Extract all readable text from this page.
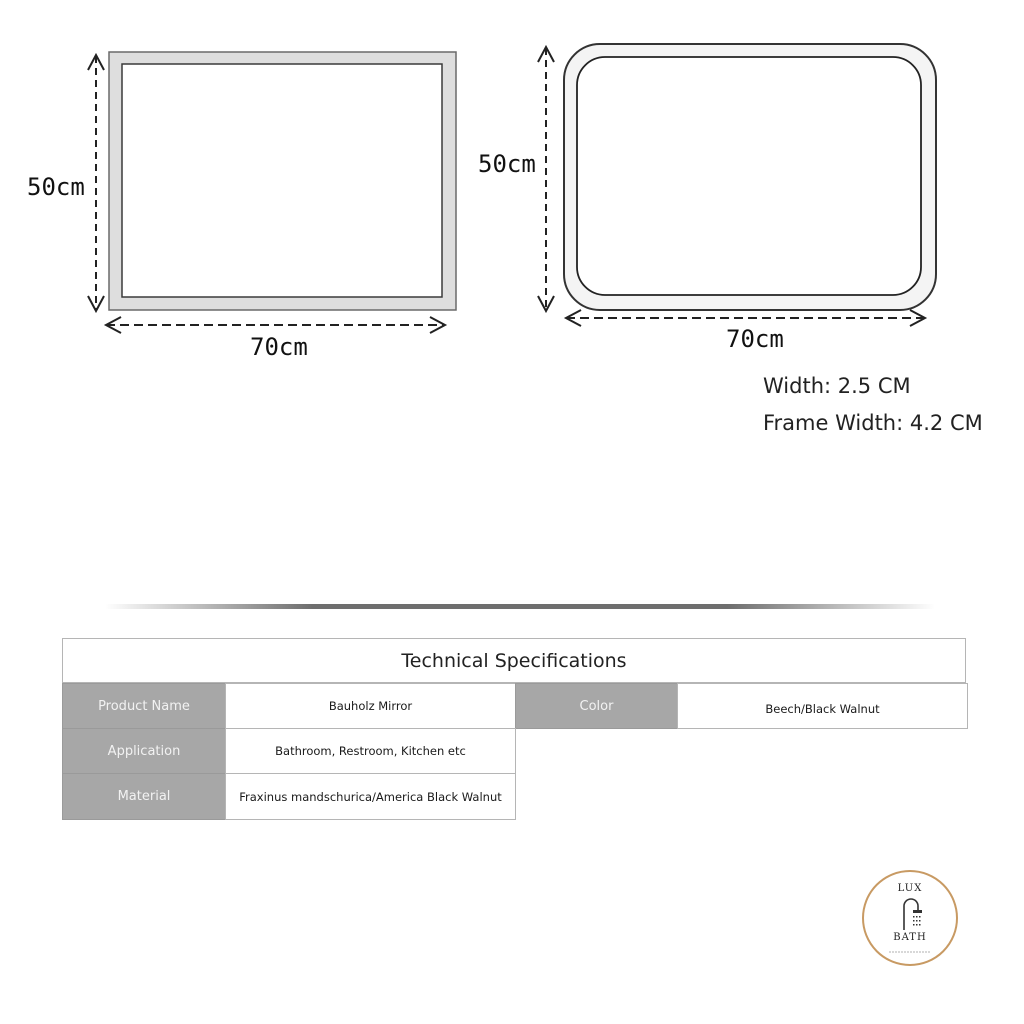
50cm
70cm
50cm
70cm
Width: 2.5 CM
Frame Width: 4.2 CM
Technical Specifications
Product Name	Bauholz Mirror	Color	Beech/Black Walnut
Application	Bathroom, Restroom, Kitchen etc
Material	Fraxinus mandschurica/America Black Walnut
LUX
BATH
